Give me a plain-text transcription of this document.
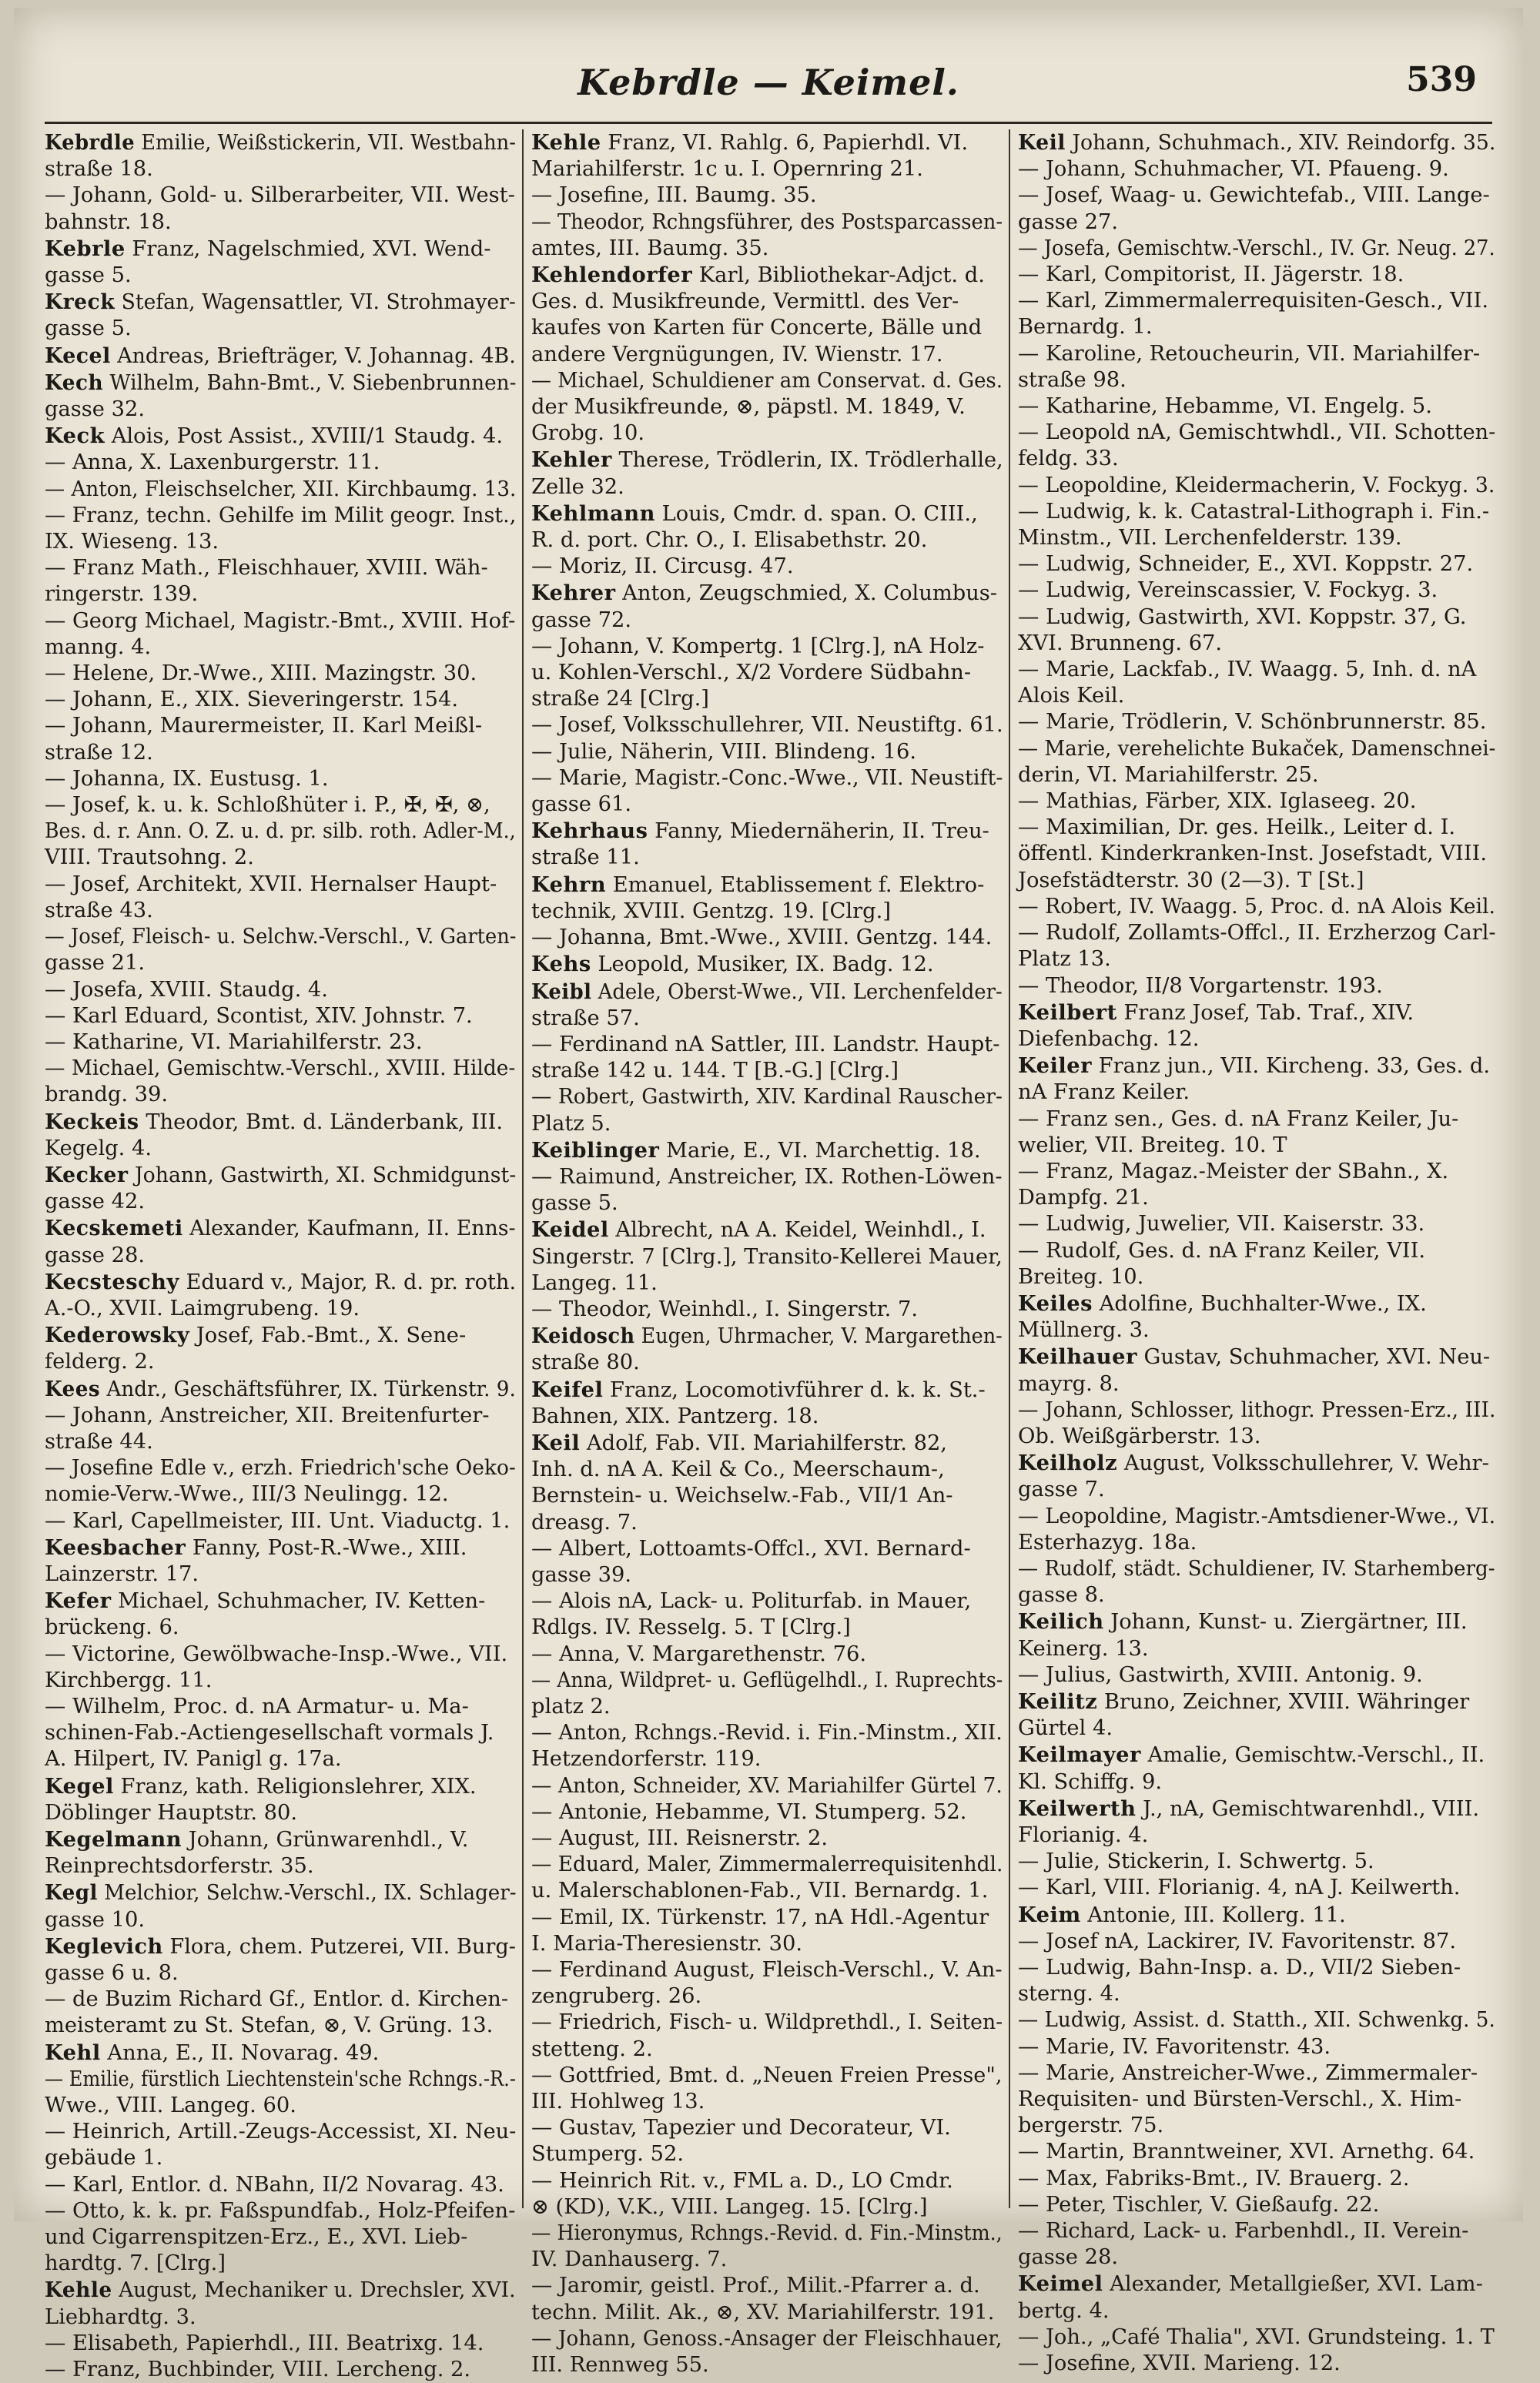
Kebrdle — Keimel.	539
Kebrdle Emilie, Weißstickerin, VII. Westbahn-
straße 18.
— Johann, Gold- u. Silberarbeiter, VII. West-
bahnstr. 18.
Kebrle Franz, Nagelschmied, XVI. Wend-
gasse 5.
Kreck Stefan, Wagensattler, VI. Strohmayer-
gasse 5.
Kecel Andreas, Briefträger, V. Johannag. 4B.
Kech Wilhelm, Bahn-Bmt., V. Siebenbrunnen-
gasse 32.
Keck Alois, Post Assist., XVIII/1 Staudg. 4.
— Anna, X. Laxenburgerstr. 11.
— Anton, Fleischselcher, XII. Kirchbaumg. 13.
— Franz, techn. Gehilfe im Milit geogr. Inst.,
IX. Wieseng. 13.
— Franz Math., Fleischhauer, XVIII. Wäh-
ringerstr. 139.
— Georg Michael, Magistr.-Bmt., XVIII. Hof-
manng. 4.
— Helene, Dr.-Wwe., XIII. Mazingstr. 30.
— Johann, E., XIX. Sieveringerstr. 154.
— Johann, Maurermeister, II. Karl Meißl-
straße 12.
— Johanna, IX. Eustusg. 1.
— Josef, k. u. k. Schloßhüter i. P., ✠, ✠, ⊗,
Bes. d. r. Ann. O. Z. u. d. pr. silb. roth. Adler-M.,
VIII. Trautsohng. 2.
— Josef, Architekt, XVII. Hernalser Haupt-
straße 43.
— Josef, Fleisch- u. Selchw.-Verschl., V. Garten-
gasse 21.
— Josefa, XVIII. Staudg. 4.
— Karl Eduard, Scontist, XIV. Johnstr. 7.
— Katharine, VI. Mariahilferstr. 23.
— Michael, Gemischtw.-Verschl., XVIII. Hilde-
brandg. 39.
Keckeis Theodor, Bmt. d. Länderbank, III.
Kegelg. 4.
Kecker Johann, Gastwirth, XI. Schmidgunst-
gasse 42.
Kecskemeti Alexander, Kaufmann, II. Enns-
gasse 28.
Kecsteschy Eduard v., Major, R. d. pr. roth.
A.-O., XVII. Laimgrubeng. 19.
Kederowsky Josef, Fab.-Bmt., X. Sene-
felderg. 2.
Kees Andr., Geschäftsführer, IX. Türkenstr. 9.
— Johann, Anstreicher, XII. Breitenfurter-
straße 44.
— Josefine Edle v., erzh. Friedrich'sche Oeko-
nomie-Verw.-Wwe., III/3 Neulingg. 12.
— Karl, Capellmeister, III. Unt. Viaductg. 1.
Keesbacher Fanny, Post-R.-Wwe., XIII.
Lainzerstr. 17.
Kefer Michael, Schuhmacher, IV. Ketten-
brückeng. 6.
— Victorine, Gewölbwache-Insp.-Wwe., VII.
Kirchbergg. 11.
— Wilhelm, Proc. d. nA Armatur- u. Ma-
schinen-Fab.-Actiengesellschaft vormals J.
A. Hilpert, IV. Panigl g. 17a.
Kegel Franz, kath. Religionslehrer, XIX.
Döblinger Hauptstr. 80.
Kegelmann Johann, Grünwarenhdl., V.
Reinprechtsdorferstr. 35.
Kegl Melchior, Selchw.-Verschl., IX. Schlager-
gasse 10.
Keglevich Flora, chem. Putzerei, VII. Burg-
gasse 6 u. 8.
— de Buzim Richard Gf., Entlor. d. Kirchen-
meisteramt zu St. Stefan, ⊗, V. Grüng. 13.
Kehl Anna, E., II. Novarag. 49.
— Emilie, fürstlich Liechtenstein'sche Rchngs.-R.-
Wwe., VIII. Langeg. 60.
— Heinrich, Artill.-Zeugs-Accessist, XI. Neu-
gebäude 1.
— Karl, Entlor. d. NBahn, II/2 Novarag. 43.
— Otto, k. k. pr. Faßspundfab., Holz-Pfeifen-
und Cigarrenspitzen-Erz., E., XVI. Lieb-
hardtg. 7. [Clrg.]
Kehle August, Mechaniker u. Drechsler, XVI.
Liebhardtg. 3.
— Elisabeth, Papierhdl., III. Beatrixg. 14.
— Franz, Buchbinder, VIII. Lercheng. 2.
Kehle Franz, VI. Rahlg. 6, Papierhdl. VI.
Mariahilferstr. 1c u. I. Opernring 21.
— Josefine, III. Baumg. 35.
— Theodor, Rchngsführer, des Postsparcassen-
amtes, III. Baumg. 35.
Kehlendorfer Karl, Bibliothekar-Adjct. d.
Ges. d. Musikfreunde, Vermittl. des Ver-
kaufes von Karten für Concerte, Bälle und
andere Vergnügungen, IV. Wienstr. 17.
— Michael, Schuldiener am Conservat. d. Ges.
der Musikfreunde, ⊗, päpstl. M. 1849, V.
Grobg. 10.
Kehler Therese, Trödlerin, IX. Trödlerhalle,
Zelle 32.
Kehlmann Louis, Cmdr. d. span. O. CIII.,
R. d. port. Chr. O., I. Elisabethstr. 20.
— Moriz, II. Circusg. 47.
Kehrer Anton, Zeugschmied, X. Columbus-
gasse 72.
— Johann, V. Kompertg. 1 [Clrg.], nA Holz-
u. Kohlen-Verschl., X/2 Vordere Südbahn-
straße 24 [Clrg.]
— Josef, Volksschullehrer, VII. Neustiftg. 61.
— Julie, Näherin, VIII. Blindeng. 16.
— Marie, Magistr.-Conc.-Wwe., VII. Neustift-
gasse 61.
Kehrhaus Fanny, Miedernäherin, II. Treu-
straße 11.
Kehrn Emanuel, Etablissement f. Elektro-
technik, XVIII. Gentzg. 19. [Clrg.]
— Johanna, Bmt.-Wwe., XVIII. Gentzg. 144.
Kehs Leopold, Musiker, IX. Badg. 12.
Keibl Adele, Oberst-Wwe., VII. Lerchenfelder-
straße 57.
— Ferdinand nA Sattler, III. Landstr. Haupt-
straße 142 u. 144. T [B.-G.] [Clrg.]
— Robert, Gastwirth, XIV. Kardinal Rauscher-
Platz 5.
Keiblinger Marie, E., VI. Marchettig. 18.
— Raimund, Anstreicher, IX. Rothen-Löwen-
gasse 5.
Keidel Albrecht, nA A. Keidel, Weinhdl., I.
Singerstr. 7 [Clrg.], Transito-Kellerei Mauer,
Langeg. 11.
— Theodor, Weinhdl., I. Singerstr. 7.
Keidosch Eugen, Uhrmacher, V. Margarethen-
straße 80.
Keifel Franz, Locomotivführer d. k. k. St.-
Bahnen, XIX. Pantzerg. 18.
Keil Adolf, Fab. VII. Mariahilferstr. 82,
Inh. d. nA A. Keil & Co., Meerschaum-,
Bernstein- u. Weichselw.-Fab., VII/1 An-
dreasg. 7.
— Albert, Lottoamts-Offcl., XVI. Bernard-
gasse 39.
— Alois nA, Lack- u. Politurfab. in Mauer,
Rdlgs. IV. Resselg. 5. T [Clrg.]
— Anna, V. Margarethenstr. 76.
— Anna, Wildpret- u. Geflügelhdl., I. Ruprechts-
platz 2.
— Anton, Rchngs.-Revid. i. Fin.-Minstm., XII.
Hetzendorferstr. 119.
— Anton, Schneider, XV. Mariahilfer Gürtel 7.
— Antonie, Hebamme, VI. Stumperg. 52.
— August, III. Reisnerstr. 2.
— Eduard, Maler, Zimmermalerrequisitenhdl.
u. Malerschablonen-Fab., VII. Bernardg. 1.
— Emil, IX. Türkenstr. 17, nA Hdl.-Agentur
I. Maria-Theresienstr. 30.
— Ferdinand August, Fleisch-Verschl., V. An-
zengruberg. 26.
— Friedrich, Fisch- u. Wildprethdl., I. Seiten-
stetteng. 2.
— Gottfried, Bmt. d. „Neuen Freien Presse",
III. Hohlweg 13.
— Gustav, Tapezier und Decorateur, VI.
Stumperg. 52.
— Heinrich Rit. v., FML a. D., LO Cmdr.
⊗ (KD), V.K., VIII. Langeg. 15. [Clrg.]
— Hieronymus, Rchngs.-Revid. d. Fin.-Minstm.,
IV. Danhauserg. 7.
— Jaromir, geistl. Prof., Milit.-Pfarrer a. d.
techn. Milit. Ak., ⊗, XV. Mariahilferstr. 191.
— Johann, Genoss.-Ansager der Fleischhauer,
III. Rennweg 55.
Keil Johann, Schuhmach., XIV. Reindorfg. 35.
— Johann, Schuhmacher, VI. Pfaueng. 9.
— Josef, Waag- u. Gewichtefab., VIII. Lange-
gasse 27.
— Josefa, Gemischtw.-Verschl., IV. Gr. Neug. 27.
— Karl, Compitorist, II. Jägerstr. 18.
— Karl, Zimmermalerrequisiten-Gesch., VII.
Bernardg. 1.
— Karoline, Retoucheurin, VII. Mariahilfer-
straße 98.
— Katharine, Hebamme, VI. Engelg. 5.
— Leopold nA, Gemischtwhdl., VII. Schotten-
feldg. 33.
— Leopoldine, Kleidermacherin, V. Fockyg. 3.
— Ludwig, k. k. Catastral-Lithograph i. Fin.-
Minstm., VII. Lerchenfelderstr. 139.
— Ludwig, Schneider, E., XVI. Koppstr. 27.
— Ludwig, Vereinscassier, V. Fockyg. 3.
— Ludwig, Gastwirth, XVI. Koppstr. 37, G.
XVI. Brunneng. 67.
— Marie, Lackfab., IV. Waagg. 5, Inh. d. nA
Alois Keil.
— Marie, Trödlerin, V. Schönbrunnerstr. 85.
— Marie, verehelichte Bukaček, Damenschnei-
derin, VI. Mariahilferstr. 25.
— Mathias, Färber, XIX. Iglaseeg. 20.
— Maximilian, Dr. ges. Heilk., Leiter d. I.
öffentl. Kinderkranken-Inst. Josefstadt, VIII.
Josefstädterstr. 30 (2—3). T [St.]
— Robert, IV. Waagg. 5, Proc. d. nA Alois Keil.
— Rudolf, Zollamts-Offcl., II. Erzherzog Carl-
Platz 13.
— Theodor, II/8 Vorgartenstr. 193.
Keilbert Franz Josef, Tab. Traf., XIV.
Diefenbachg. 12.
Keiler Franz jun., VII. Kircheng. 33, Ges. d.
nA Franz Keiler.
— Franz sen., Ges. d. nA Franz Keiler, Ju-
welier, VII. Breiteg. 10. T
— Franz, Magaz.-Meister der SBahn., X.
Dampfg. 21.
— Ludwig, Juwelier, VII. Kaiserstr. 33.
— Rudolf, Ges. d. nA Franz Keiler, VII.
Breiteg. 10.
Keiles Adolfine, Buchhalter-Wwe., IX.
Müllnerg. 3.
Keilhauer Gustav, Schuhmacher, XVI. Neu-
mayrg. 8.
— Johann, Schlosser, lithogr. Pressen-Erz., III.
Ob. Weißgärberstr. 13.
Keilholz August, Volksschullehrer, V. Wehr-
gasse 7.
— Leopoldine, Magistr.-Amtsdiener-Wwe., VI.
Esterhazyg. 18a.
— Rudolf, städt. Schuldiener, IV. Starhemberg-
gasse 8.
Keilich Johann, Kunst- u. Ziergärtner, III.
Keinerg. 13.
— Julius, Gastwirth, XVIII. Antonig. 9.
Keilitz Bruno, Zeichner, XVIII. Währinger
Gürtel 4.
Keilmayer Amalie, Gemischtw.-Verschl., II.
Kl. Schiffg. 9.
Keilwerth J., nA, Gemischtwarenhdl., VIII.
Florianig. 4.
— Julie, Stickerin, I. Schwertg. 5.
— Karl, VIII. Florianig. 4, nA J. Keilwerth.
Keim Antonie, III. Kollerg. 11.
— Josef nA, Lackirer, IV. Favoritenstr. 87.
— Ludwig, Bahn-Insp. a. D., VII/2 Sieben-
sterng. 4.
— Ludwig, Assist. d. Statth., XII. Schwenkg. 5.
— Marie, IV. Favoritenstr. 43.
— Marie, Anstreicher-Wwe., Zimmermaler-
Requisiten- und Bürsten-Verschl., X. Him-
bergerstr. 75.
— Martin, Branntweiner, XVI. Arnethg. 64.
— Max, Fabriks-Bmt., IV. Brauerg. 2.
— Peter, Tischler, V. Gießaufg. 22.
— Richard, Lack- u. Farbenhdl., II. Verein-
gasse 28.
Keimel Alexander, Metallgießer, XVI. Lam-
bertg. 4.
— Joh., „Café Thalia", XVI. Grundsteing. 1. T
— Josefine, XVII. Marieng. 12.
